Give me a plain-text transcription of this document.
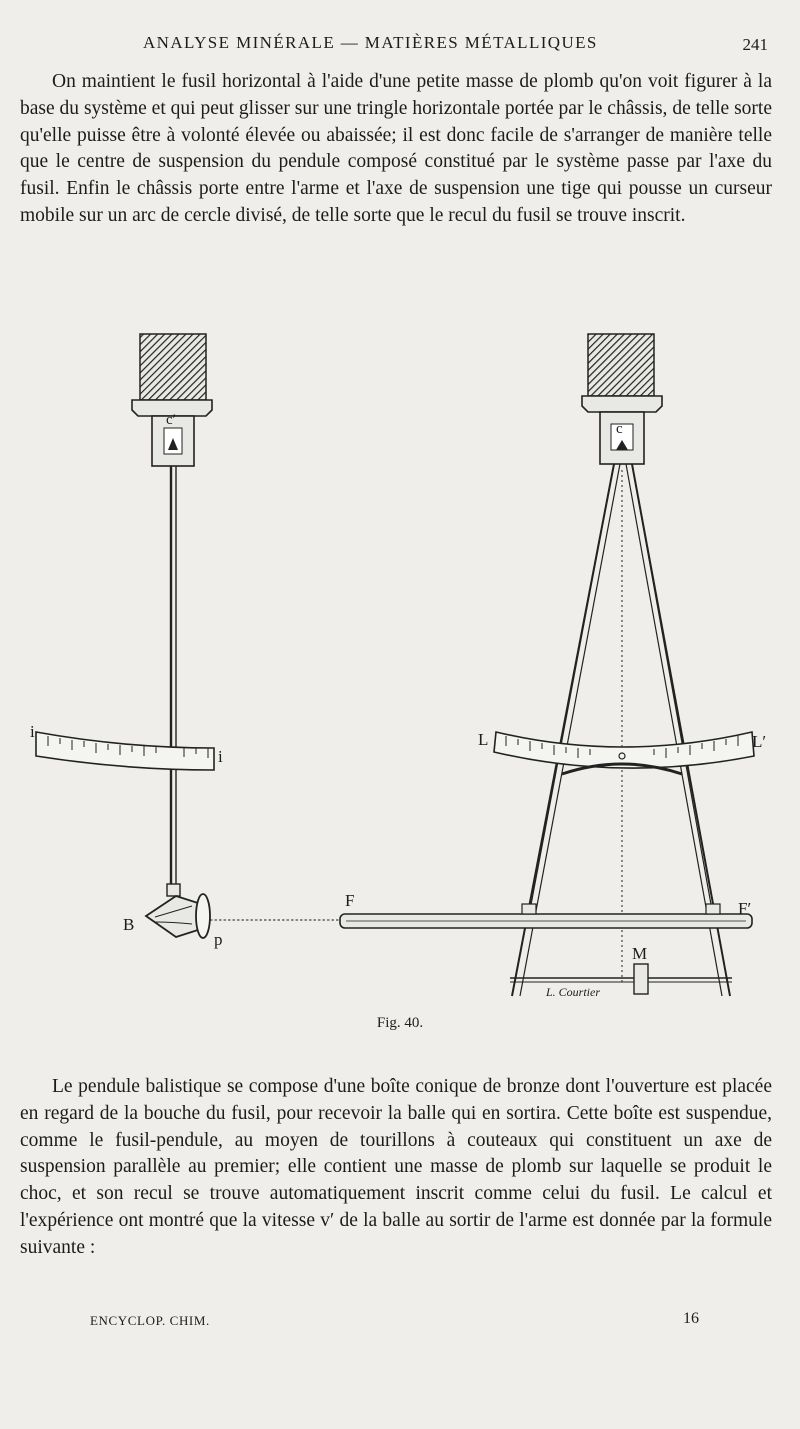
ANALYSE MINÉRALE — MATIÈRES MÉTALLIQUES	241

On maintient le fusil horizontal à l'aide d'une petite masse de plomb qu'on voit figurer à la base du système et qui peut glisser sur une tringle horizontale portée par le châssis, de telle sorte qu'elle puisse être à volonté élevée ou abaissée; il est donc facile de s'arranger de manière telle que le centre de suspension du pendule composé constitué par le système passe par l'axe du fusil. Enfin le châssis porte entre l'arme et l'axe de suspension une tige qui pousse un curseur mobile sur un arc de cercle divisé, de telle sorte que le recul du fusil se trouve inscrit.

i
i
B
p
c′
c
L	L′
F	F′
M
L. Courtier
Fig. 40.

Le pendule balistique se compose d'une boîte conique de bronze dont l'ouverture est placée en regard de la bouche du fusil, pour recevoir la balle qui en sortira. Cette boîte est suspendue, comme le fusil-pendule, au moyen de tourillons à couteaux qui constituent un axe de suspension parallèle au premier; elle contient une masse de plomb sur laquelle se produit le choc, et son recul se trouve automatiquement inscrit comme celui du fusil. Le calcul et l'expérience ont montré que la vitesse v′ de la balle au sortir de l'arme est donnée par la formule suivante :

ENCYCLOP. CHIM.	16
